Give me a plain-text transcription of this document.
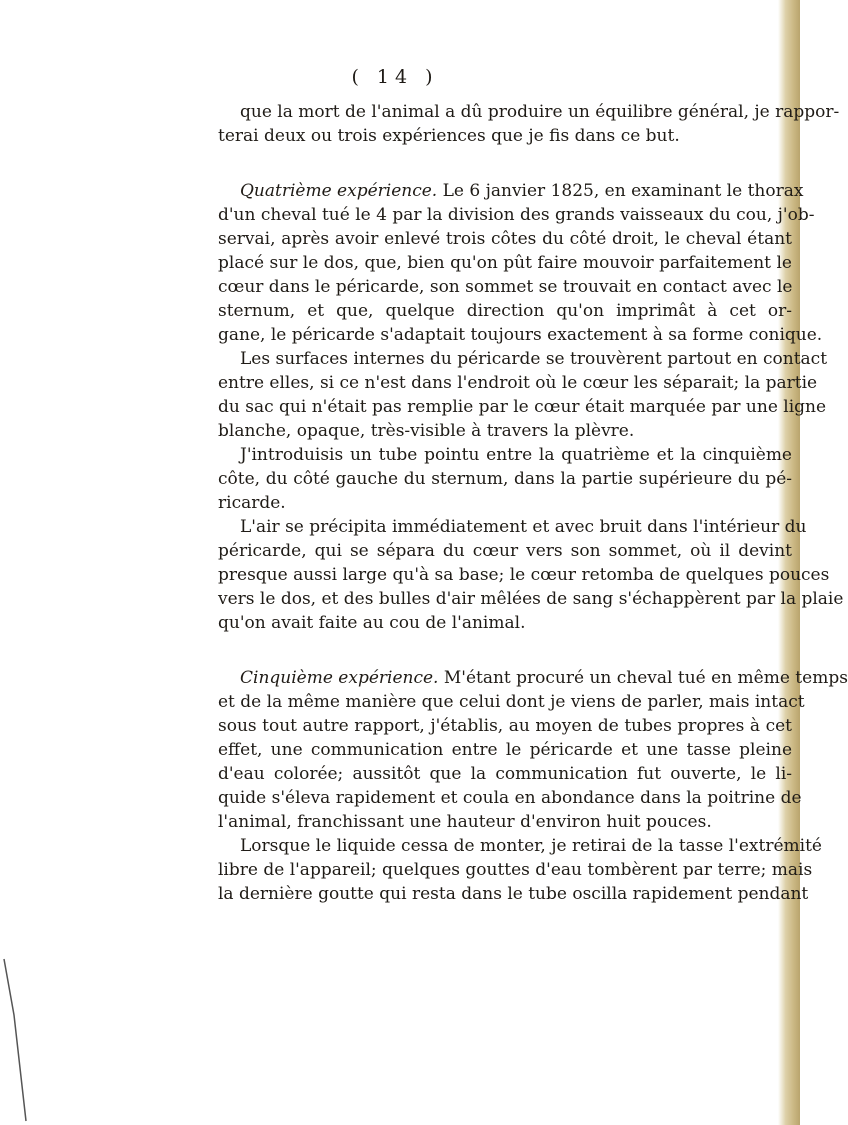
( 14 )
que la mort de l'animal a dû produire un équilibre général, je rappor-
terai deux ou trois expériences que je fis dans ce but.
Quatrième expérience. Le 6 janvier 1825, en examinant le thorax
d'un cheval tué le 4 par la division des grands vaisseaux du cou, j'ob-
servai, après avoir enlevé trois côtes du côté droit, le cheval étant
placé sur le dos, que, bien qu'on pût faire mouvoir parfaitement le
cœur dans le péricarde, son sommet se trouvait en contact avec le
sternum, et que, quelque direction qu'on imprimât à cet or-
gane, le péricarde s'adaptait toujours exactement à sa forme conique.
Les surfaces internes du péricarde se trouvèrent partout en contact
entre elles, si ce n'est dans l'endroit où le cœur les séparait; la partie
du sac qui n'était pas remplie par le cœur était marquée par une ligne
blanche, opaque, très-visible à travers la plèvre.
J'introduisis un tube pointu entre la quatrième et la cinquième
côte, du côté gauche du sternum, dans la partie supérieure du pé-
ricarde.
L'air se précipita immédiatement et avec bruit dans l'intérieur du
péricarde, qui se sépara du cœur vers son sommet, où il devint
presque aussi large qu'à sa base; le cœur retomba de quelques pouces
vers le dos, et des bulles d'air mêlées de sang s'échappèrent par la plaie
qu'on avait faite au cou de l'animal.
Cinquième expérience. M'étant procuré un cheval tué en même temps
et de la même manière que celui dont je viens de parler, mais intact
sous tout autre rapport, j'établis, au moyen de tubes propres à cet
effet, une communication entre le péricarde et une tasse pleine
d'eau colorée; aussitôt que la communication fut ouverte, le li-
quide s'éleva rapidement et coula en abondance dans la poitrine de
l'animal, franchissant une hauteur d'environ huit pouces.
Lorsque le liquide cessa de monter, je retirai de la tasse l'extrémité
libre de l'appareil; quelques gouttes d'eau tombèrent par terre; mais
la dernière goutte qui resta dans le tube oscilla rapidement pendant
